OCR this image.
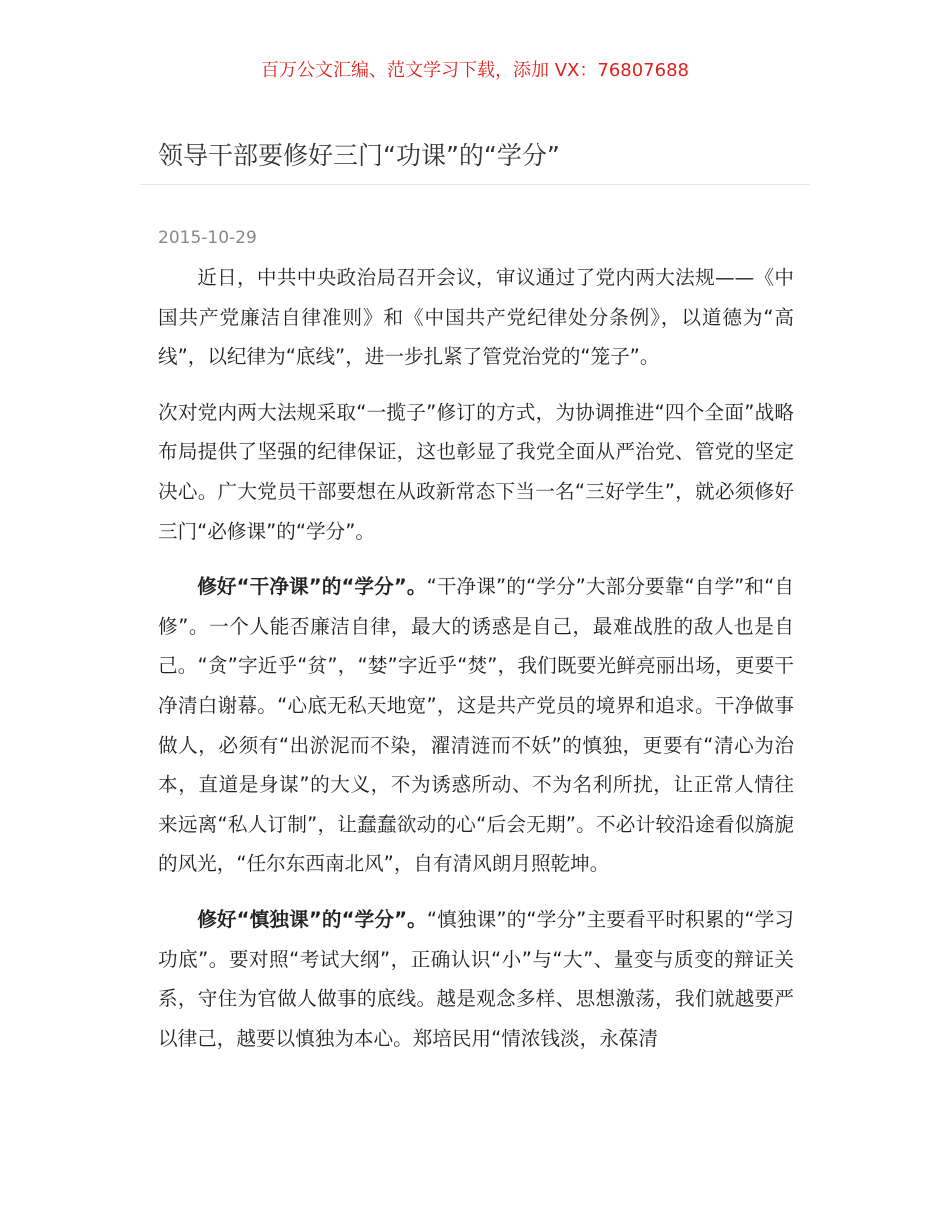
百万公文汇编、范文学习下载，添加 VX：76807688
领导干部要修好三门“功课”的“学分”
2015-10-29

近日，中共中央政治局召开会议，审议通过了党内两大法规——《中国共产党廉洁自律准则》和《中国共产党纪律处分条例》，以道德为“高线”，以纪律为“底线”，进一步扎紧了管党治党的“笼子”。

次对党内两大法规采取“一揽子”修订的方式，为协调推进“四个全面”战略布局提供了坚强的纪律保证，这也彰显了我党全面从严治党、管党的坚定决心。广大党员干部要想在从政新常态下当一名“三好学生”，就必须修好三门“必修课”的“学分”。

修好“干净课”的“学分”。“干净课”的“学分”大部分要靠“自学”和“自修”。一个人能否廉洁自律，最大的诱惑是自己，最难战胜的敌人也是自己。“贪”字近乎“贫”，“婪”字近乎“焚”，我们既要光鲜亮丽出场，更要干净清白谢幕。“心底无私天地宽”，这是共产党员的境界和追求。干净做事做人，必须有“出淤泥而不染，濯清涟而不妖”的慎独，更要有“清心为治本，直道是身谋”的大义，不为诱惑所动、不为名利所扰，让正常人情往来远离“私人订制”，让蠢蠢欲动的心“后会无期”。不必计较沿途看似旖旎的风光，“任尔东西南北风”，自有清风朗月照乾坤。

修好“慎独课”的“学分”。“慎独课”的“学分”主要看平时积累的“学习功底”。要对照“考试大纲”，正确认识“小”与“大”、量变与质变的辩证关系，守住为官做人做事的底线。越是观念多样、思想激荡，我们就越要严以律己，越要以慎独为本心。郑培民用“情浓钱淡，永葆清
